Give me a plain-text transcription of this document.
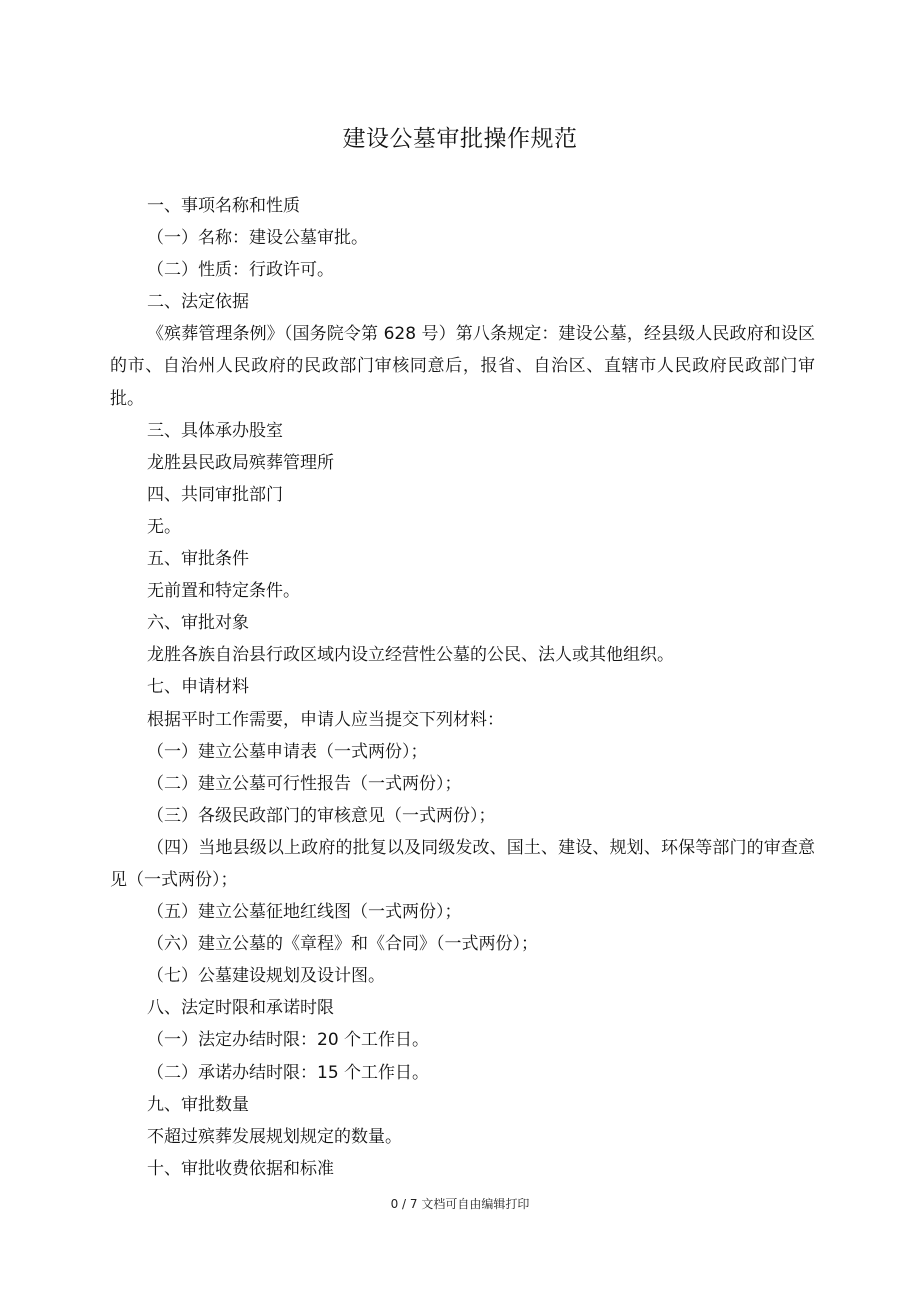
建设公墓审批操作规范

一、事项名称和性质

（一）名称：建设公墓审批。

（二）性质：行政许可。

二、法定依据

《殡葬管理条例》（国务院令第 628 号）第八条规定：建设公墓，经县级人民政府和设区的市、自治州人民政府的民政部门审核同意后，报省、自治区、直辖市人民政府民政部门审批。

三、具体承办股室

龙胜县民政局殡葬管理所

四、共同审批部门

无。

五、审批条件

无前置和特定条件。

六、审批对象

龙胜各族自治县行政区域内设立经营性公墓的公民、法人或其他组织。

七、申请材料

根据平时工作需要，申请人应当提交下列材料：

（一）建立公墓申请表（一式两份）；

（二）建立公墓可行性报告（一式两份）；

（三）各级民政部门的审核意见（一式两份）；

（四）当地县级以上政府的批复以及同级发改、国土、建设、规划、环保等部门的审查意见（一式两份）；

（五）建立公墓征地红线图（一式两份）；

（六）建立公墓的《章程》和《合同》（一式两份）；

（七）公墓建设规划及设计图。

八、法定时限和承诺时限

（一）法定办结时限：20 个工作日。

（二）承诺办结时限：15 个工作日。

九、审批数量

不超过殡葬发展规划规定的数量。

十、审批收费依据和标准

0 / 7 文档可自由编辑打印
